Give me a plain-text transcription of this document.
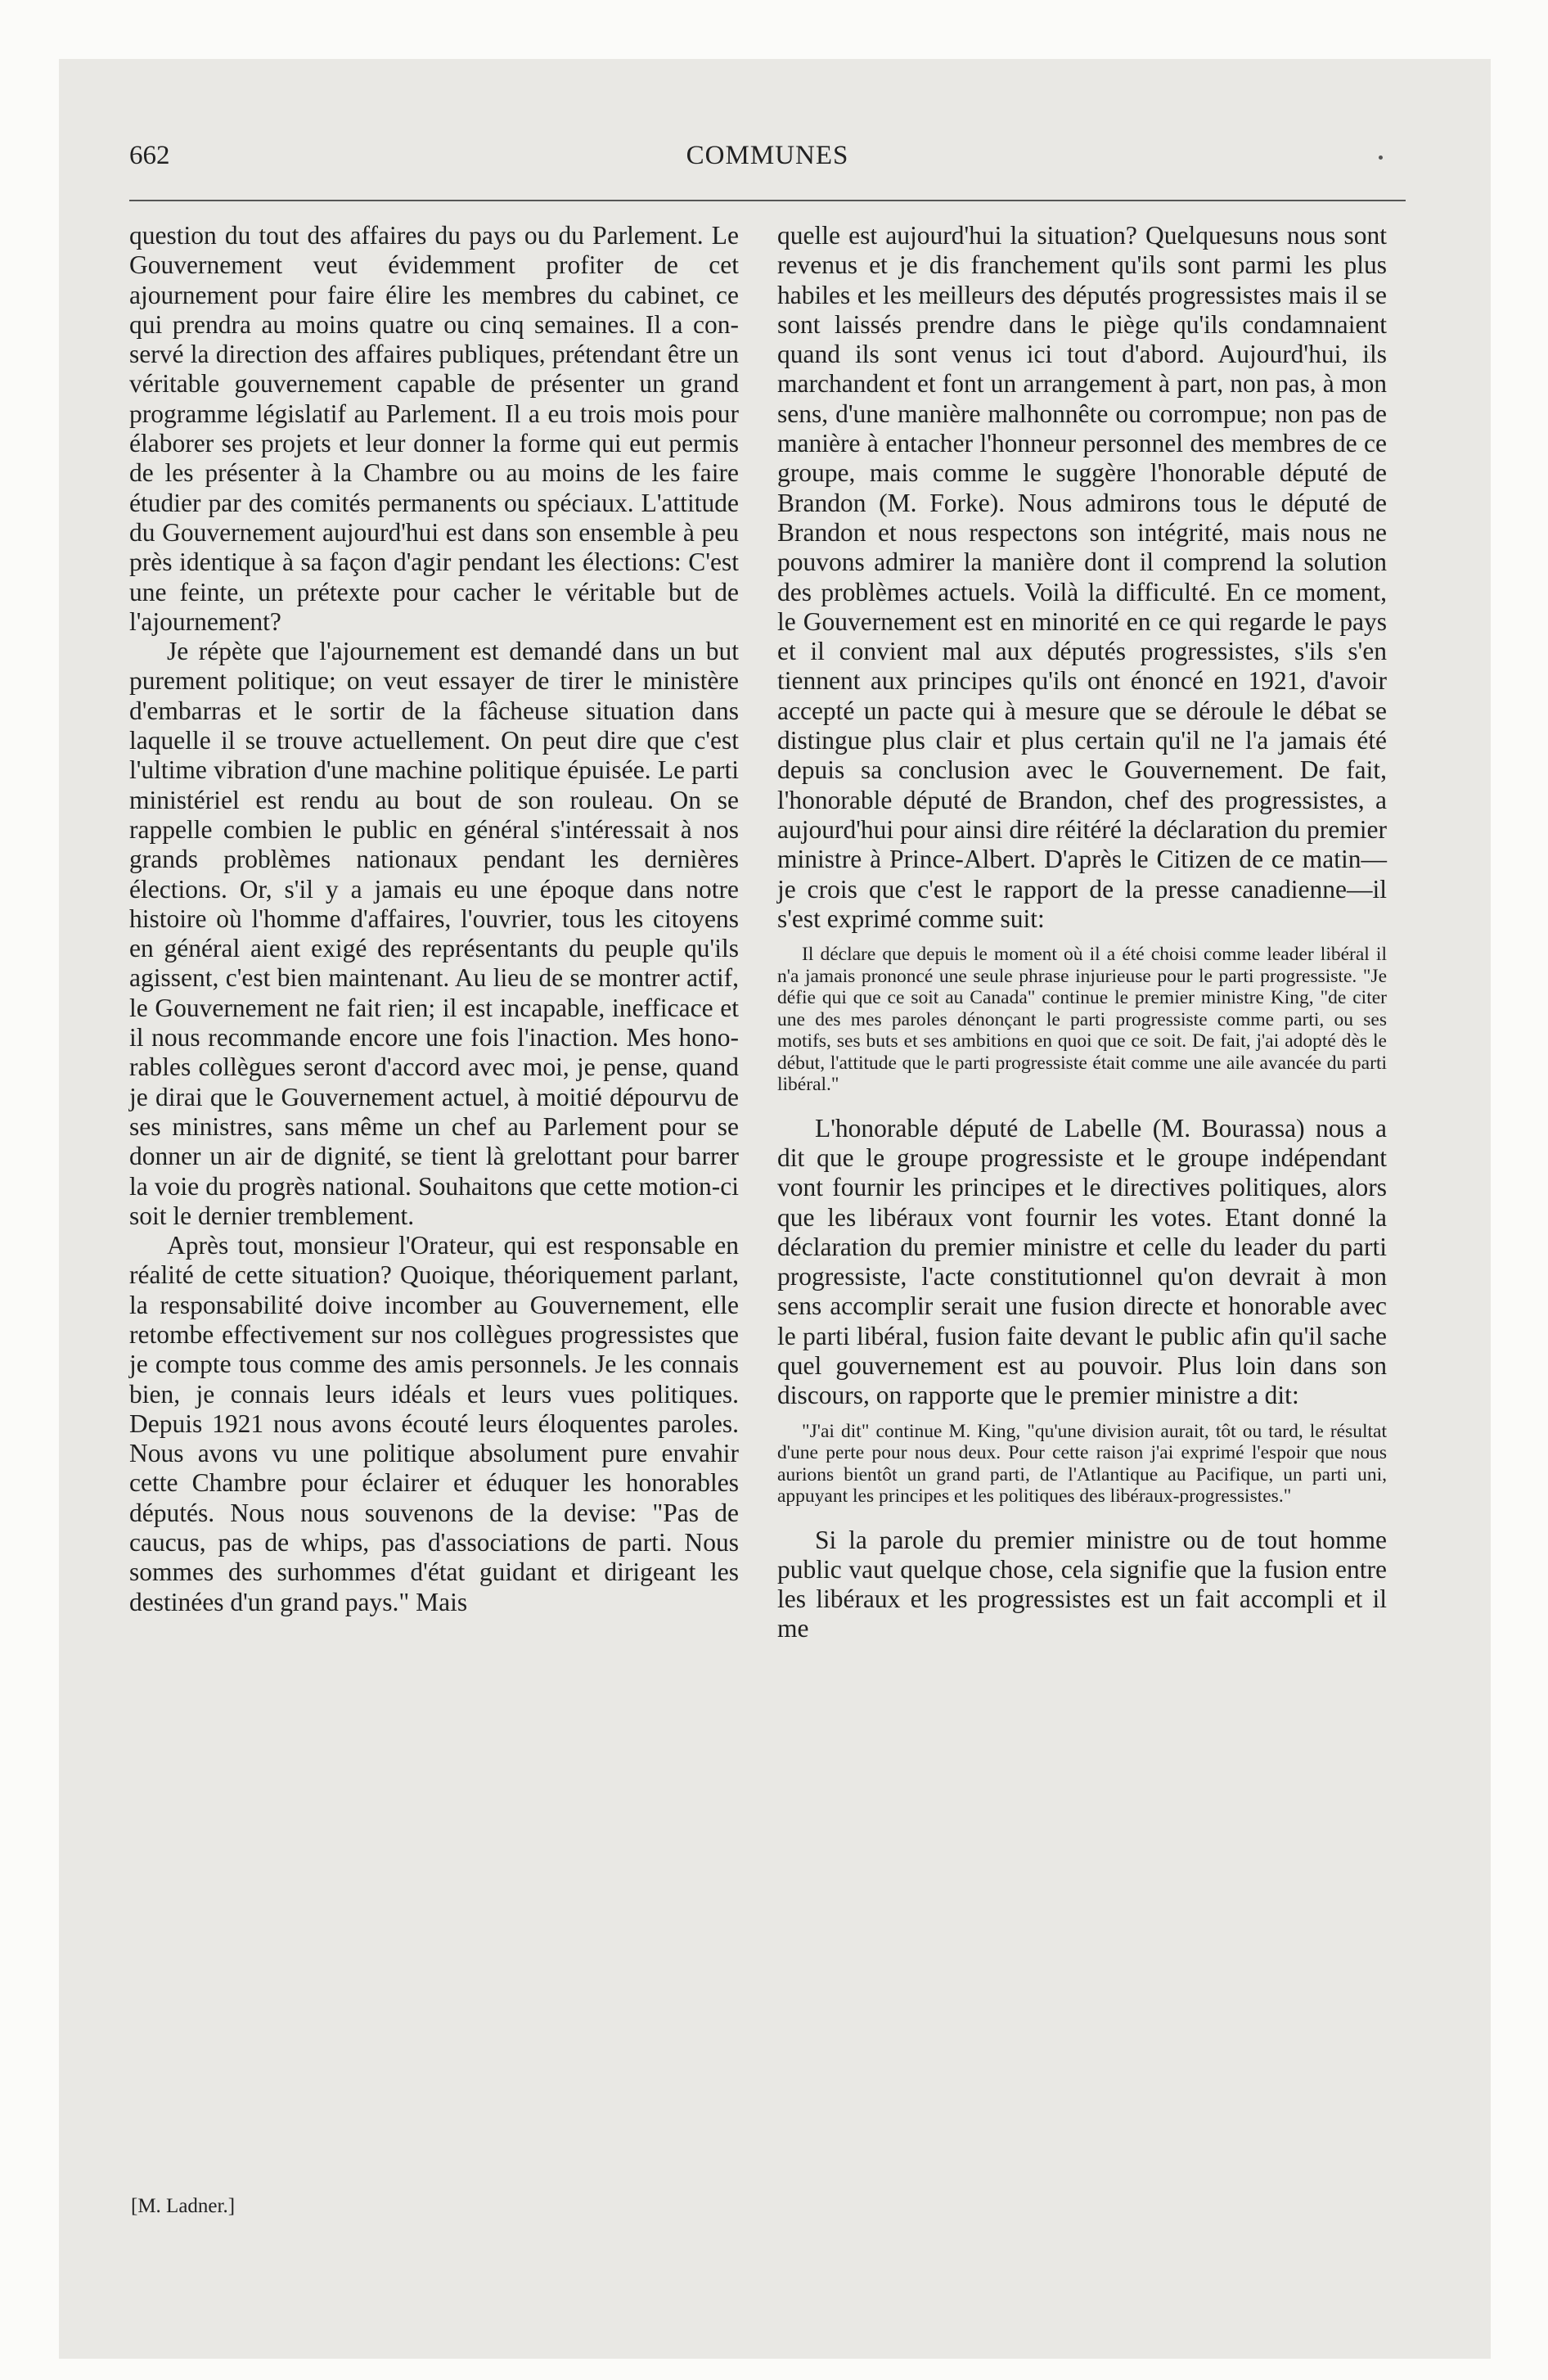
662	COMMUNES

question du tout des affaires du pays ou du Parlement. Le Gouvernement veut évidemment profiter de cet ajournement pour faire élire les membres du cabinet, ce qui prendra au moins quatre ou cinq semaines. Il a conservé la direction des affaires publiques, prétendant être un véritable gouvernement capable de présenter un grand programme législatif au Parlement. Il a eu trois mois pour élaborer ses projets et leur donner la forme qui eut permis de les présenter à la Chambre ou au moins de les faire étudier par des comités permanents ou spéciaux. L'attitude du Gouvernement aujourd'hui est dans son ensemble à peu près identique à sa façon d'agir pendant les élections: C'est une feinte, un prétexte pour cacher le véritable but de l'ajournement?

Je répète que l'ajournement est demandé dans un but purement politique; on veut essayer de tirer le ministère d'embarras et le sortir de la fâcheuse situation dans laquelle il se trouve actuellement. On peut dire que c'est l'ultime vibration d'une machine politique épuisée. Le parti ministériel est rendu au bout de son rouleau. On se rappelle combien le public en général s'intéressait à nos grands problèmes nationaux pendant les dernières élections. Or, s'il y a jamais eu une époque dans notre histoire où l'homme d'affaires, l'ouvrier, tous les citoyens en général aient exigé des représentants du peuple qu'ils agissent, c'est bien maintenant. Au lieu de se montrer actif, le Gouvernement ne fait rien; il est incapable, inefficace et il nous recommande encore une fois l'inaction. Mes honorables collègues seront d'accord avec moi, je pense, quand je dirai que le Gouvernement actuel, à moitié dépourvu de ses ministres, sans même un chef au Parlement pour se donner un air de dignité, se tient là grelottant pour barrer la voie du progrès national. Souhaitons que cette motion-ci soit le dernier tremblement.

Après tout, monsieur l'Orateur, qui est responsable en réalité de cette situation? Quoique, théoriquement parlant, la responsabilité doive incomber au Gouvernement, elle retombe effectivement sur nos collègues progressistes que je compte tous comme des amis personnels. Je les connais bien, je connais leurs idéals et leurs vues politiques. Depuis 1921 nous avons écouté leurs éloquentes paroles. Nous avons vu une politique absolument pure envahir cette Chambre pour éclairer et éduquer les honorables députés. Nous nous souvenons de la devise: "Pas de caucus, pas de whips, pas d'associations de parti. Nous sommes des surhommes d'état guidant et dirigeant les destinées d'un grand pays." Mais

[M. Ladner.]

quelle est aujourd'hui la situation? Quelquesuns nous sont revenus et je dis franchement qu'ils sont parmi les plus habiles et les meilleurs des députés progressistes mais il se sont laissés prendre dans le piège qu'ils condamnaient quand ils sont venus ici tout d'abord. Aujourd'hui, ils marchandent et font un arrangement à part, non pas, à mon sens, d'une manière malhonnête ou corrompue; non pas de manière à entacher l'honneur personnel des membres de ce groupe, mais comme le suggère l'honorable député de Brandon (M. Forke). Nous admirons tous le député de Brandon et nous respectons son intégrité, mais nous ne pouvons admirer la manière dont il comprend la solution des problèmes actuels. Voilà la difficulté. En ce moment, le Gouvernement est en minorité en ce qui regarde le pays et il convient mal aux députés progressistes, s'ils s'en tiennent aux principes qu'ils ont énoncé en 1921, d'avoir accepté un pacte qui à mesure que se déroule le débat se distingue plus clair et plus certain qu'il ne l'a jamais été depuis sa conclusion avec le Gouvernement. De fait, l'honorable député de Brandon, chef des progressistes, a aujourd'hui pour ainsi dire réitéré la déclaration du premier ministre à Prince-Albert. D'après le Citizen de ce matin—je crois que c'est le rapport de la presse canadienne—il s'est exprimé comme suit:

Il déclare que depuis le moment où il a été choisi comme leader libéral il n'a jamais prononcé une seule phrase injurieuse pour le parti progressiste. "Je défie qui que ce soit au Canada" continue le premier ministre King, "de citer une des mes paroles dénonçant le parti progressiste comme parti, ou ses motifs, ses buts et ses ambitions en quoi que ce soit. De fait, j'ai adopté dès le début, l'attitude que le parti progressiste était comme une aile avancée du parti libéral."

L'honorable député de Labelle (M. Bourassa) nous a dit que le groupe progressiste et le groupe indépendant vont fournir les principes et le directives politiques, alors que les libéraux vont fournir les votes. Etant donné la déclaration du premier ministre et celle du leader du parti progressiste, l'acte constitutionnel qu'on devrait à mon sens accomplir serait une fusion directe et honorable avec le parti libéral, fusion faite devant le public afin qu'il sache quel gouvernement est au pouvoir. Plus loin dans son discours, on rapporte que le premier ministre a dit:

"J'ai dit" continue M. King, "qu'une division aurait, tôt ou tard, le résultat d'une perte pour nous deux. Pour cette raison j'ai exprimé l'espoir que nous aurions bientôt un grand parti, de l'Atlantique au Pacifique, un parti uni, appuyant les principes et les politiques des libéraux-progressistes."

Si la parole du premier ministre ou de tout homme public vaut quelque chose, cela signifie que la fusion entre les libéraux et les progressistes est un fait accompli et il me
